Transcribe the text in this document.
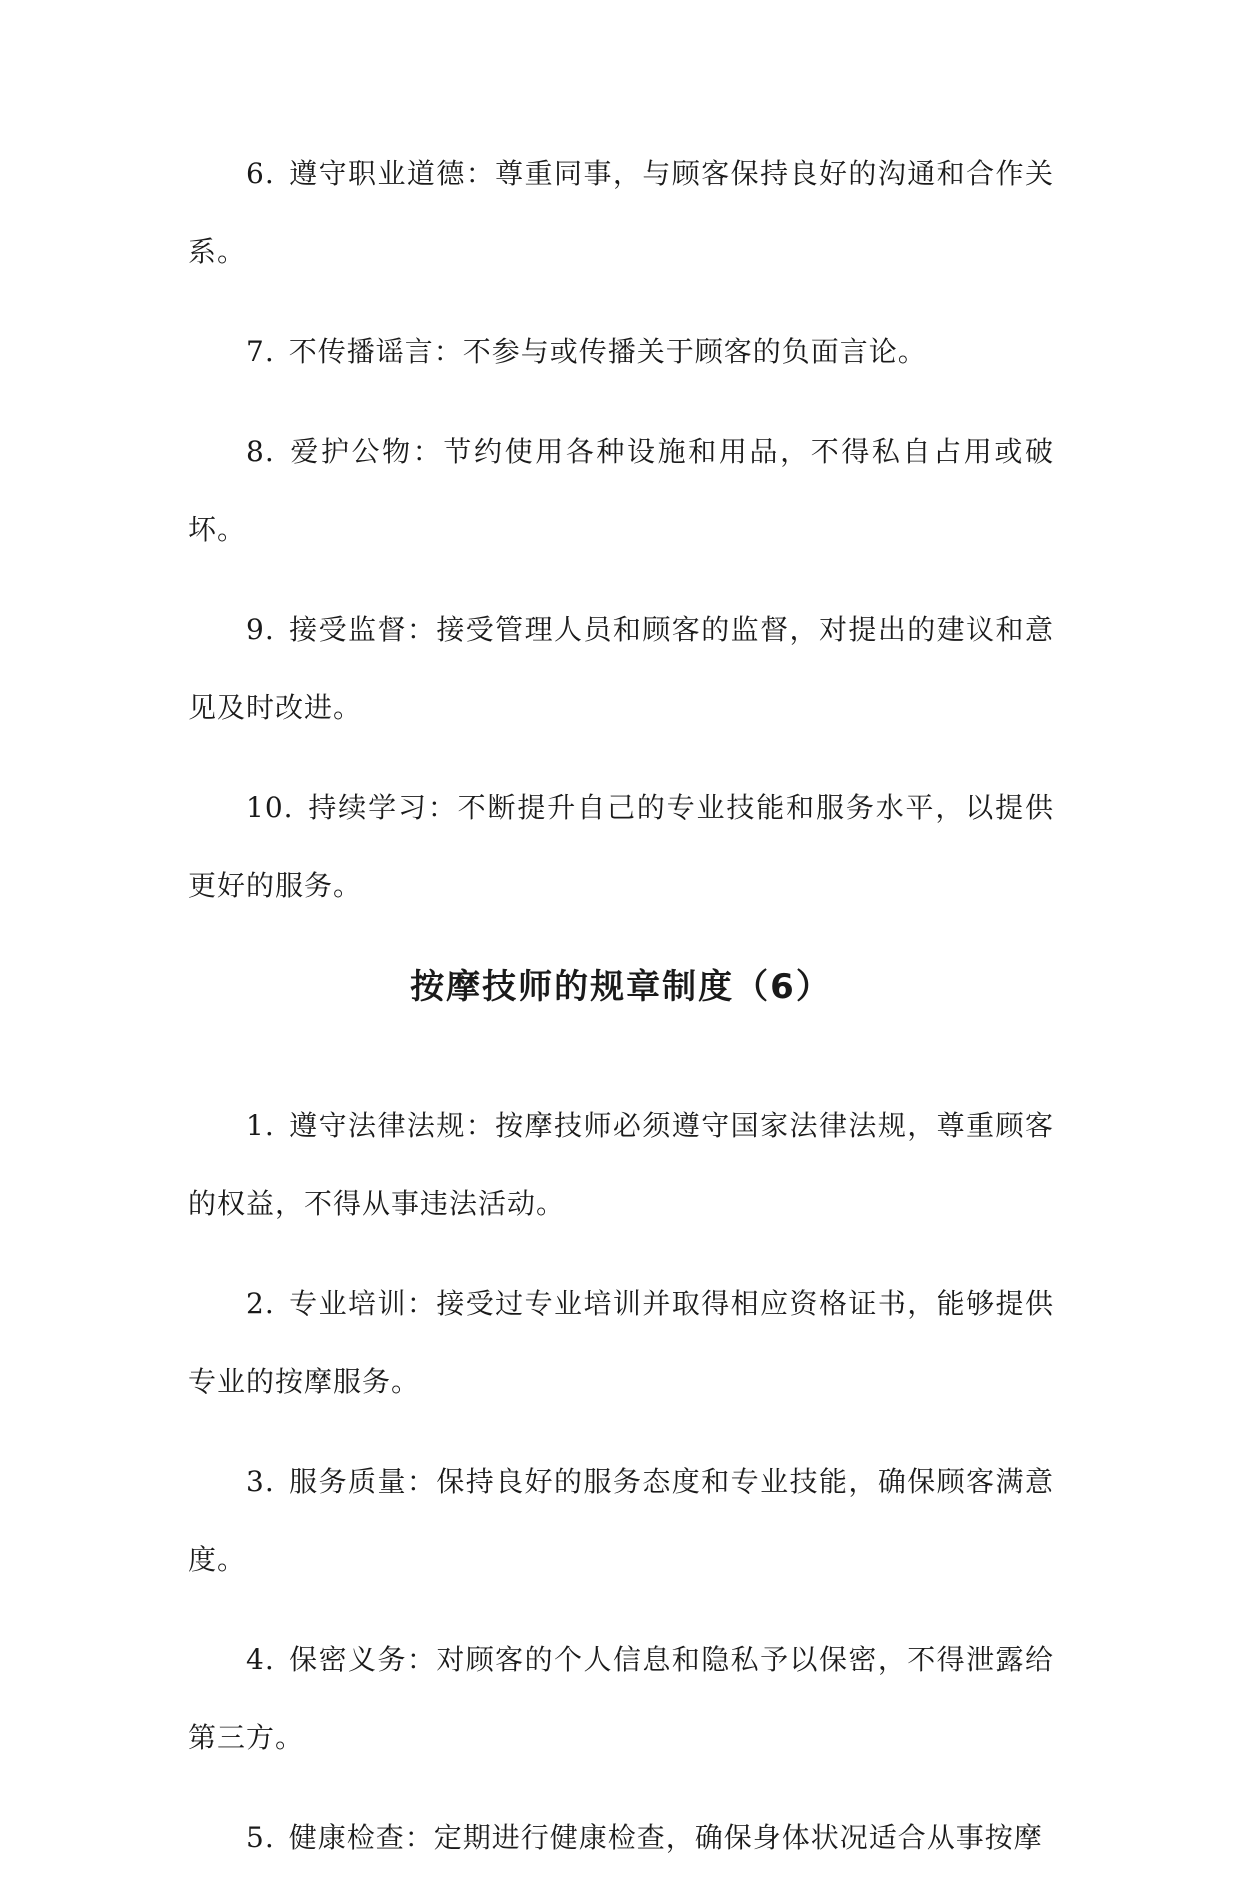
6. 遵守职业道德：尊重同事，与顾客保持良好的沟通和合作关系。

7. 不传播谣言：不参与或传播关于顾客的负面言论。

8. 爱护公物：节约使用各种设施和用品，不得私自占用或破坏。

9. 接受监督：接受管理人员和顾客的监督，对提出的建议和意见及时改进。

10. 持续学习：不断提升自己的专业技能和服务水平，以提供更好的服务。

按摩技师的规章制度（6）

1. 遵守法律法规：按摩技师必须遵守国家法律法规，尊重顾客的权益，不得从事违法活动。

2. 专业培训：接受过专业培训并取得相应资格证书，能够提供专业的按摩服务。

3. 服务质量：保持良好的服务态度和专业技能，确保顾客满意度。

4. 保密义务：对顾客的个人信息和隐私予以保密，不得泄露给第三方。

5. 健康检查：定期进行健康检查，确保身体状况适合从事按摩
